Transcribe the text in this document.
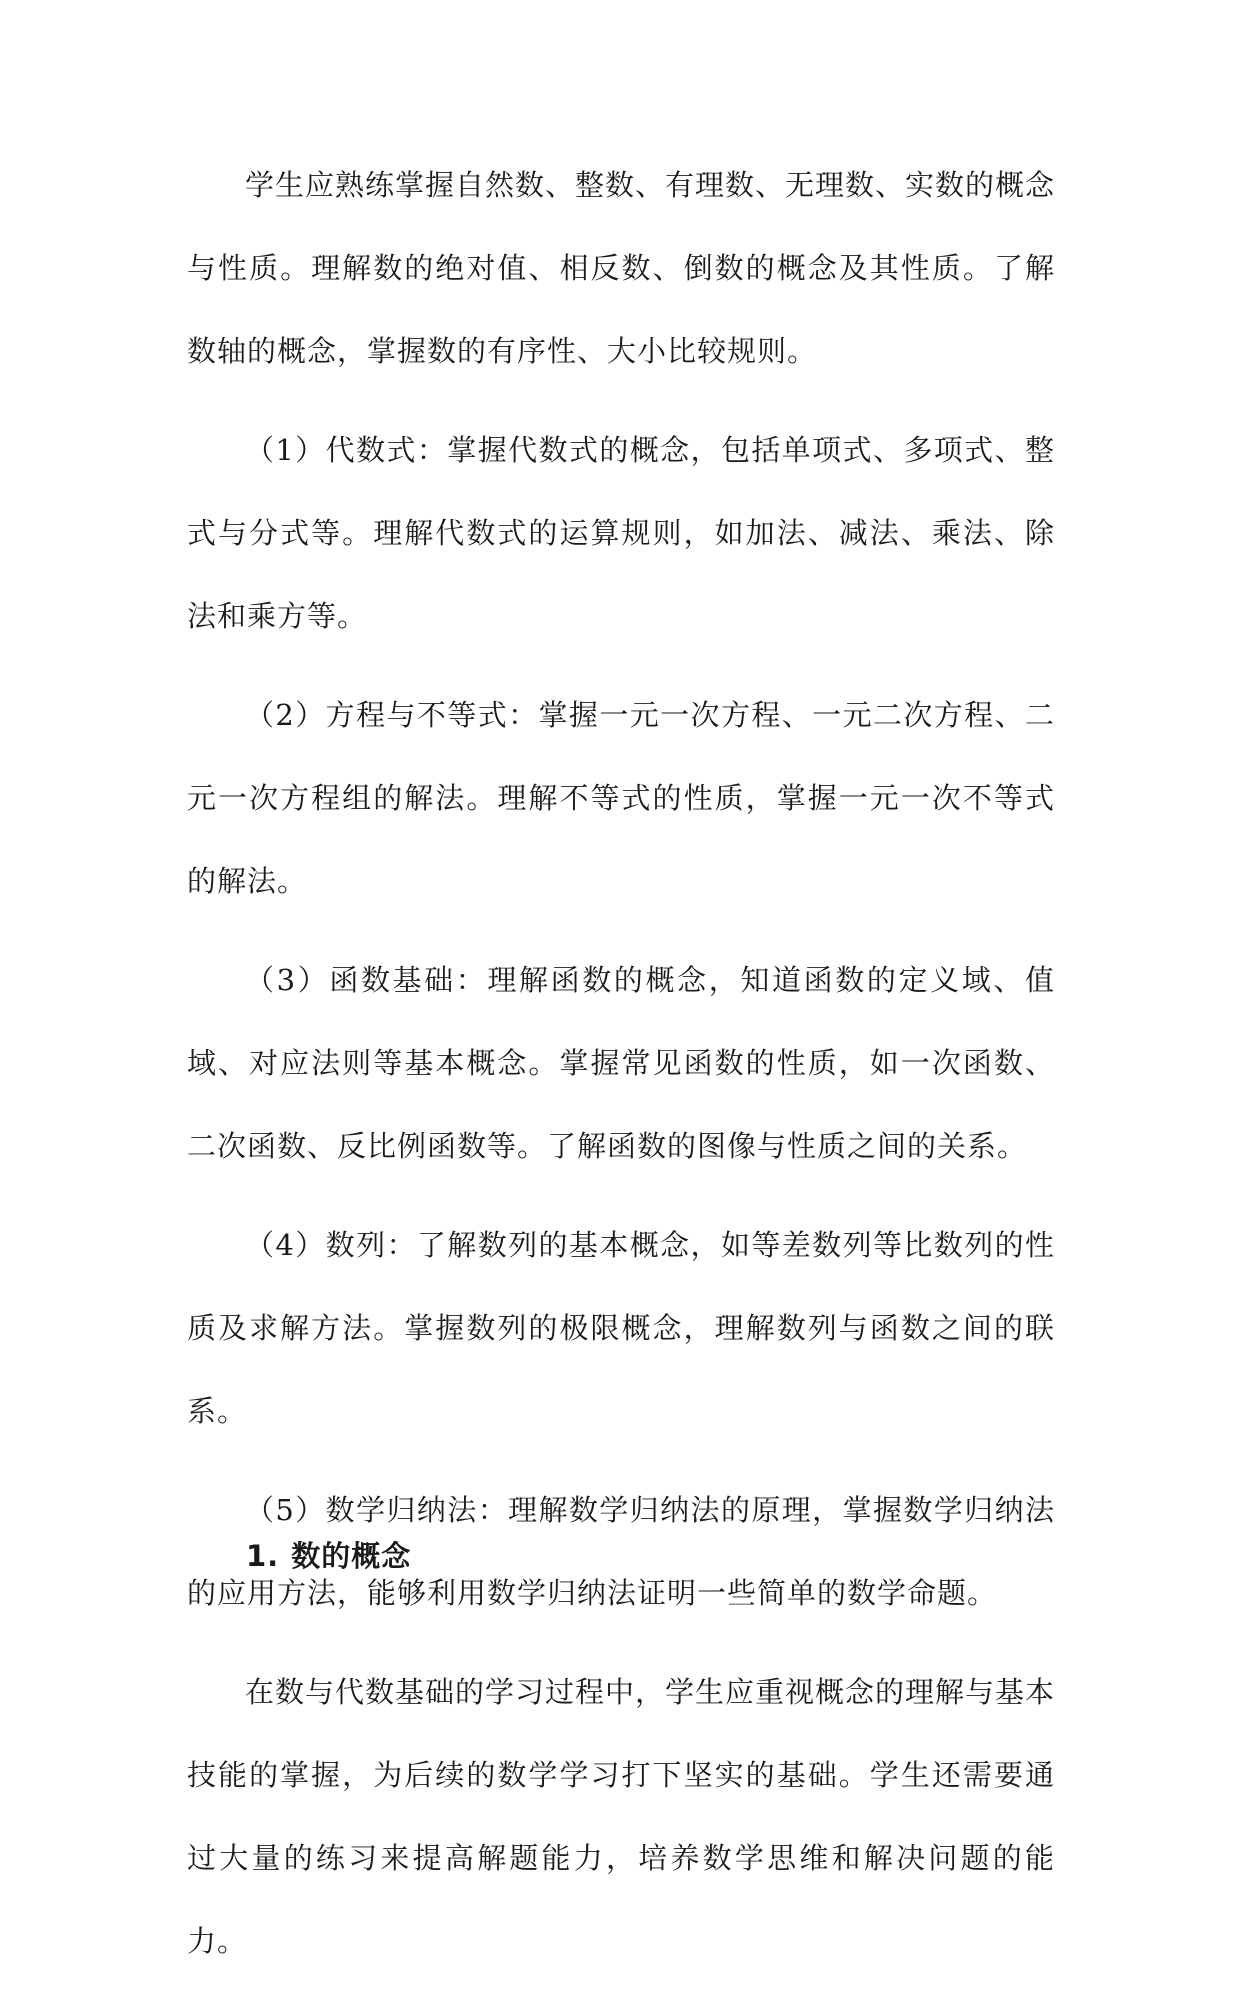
学生应熟练掌握自然数、整数、有理数、无理数、实数的概念与性质。理解数的绝对值、相反数、倒数的概念及其性质。了解数轴的概念，掌握数的有序性、大小比较规则。

（1）代数式：掌握代数式的概念，包括单项式、多项式、整式与分式等。理解代数式的运算规则，如加法、减法、乘法、除法和乘方等。

（2）方程与不等式：掌握一元一次方程、一元二次方程、二元一次方程组的解法。理解不等式的性质，掌握一元一次不等式的解法。

（3）函数基础：理解函数的概念，知道函数的定义域、值域、对应法则等基本概念。掌握常见函数的性质，如一次函数、二次函数、反比例函数等。了解函数的图像与性质之间的关系。

（4）数列：了解数列的基本概念，如等差数列等比数列的性质及求解方法。掌握数列的极限概念，理解数列与函数之间的联系。

（5）数学归纳法：理解数学归纳法的原理，掌握数学归纳法的应用方法，能够利用数学归纳法证明一些简单的数学命题。

在数与代数基础的学习过程中，学生应重视概念的理解与基本技能的掌握，为后续的数学学习打下坚实的基础。学生还需要通过大量的练习来提高解题能力，培养数学思维和解决问题的能力。

1. 数的概念
